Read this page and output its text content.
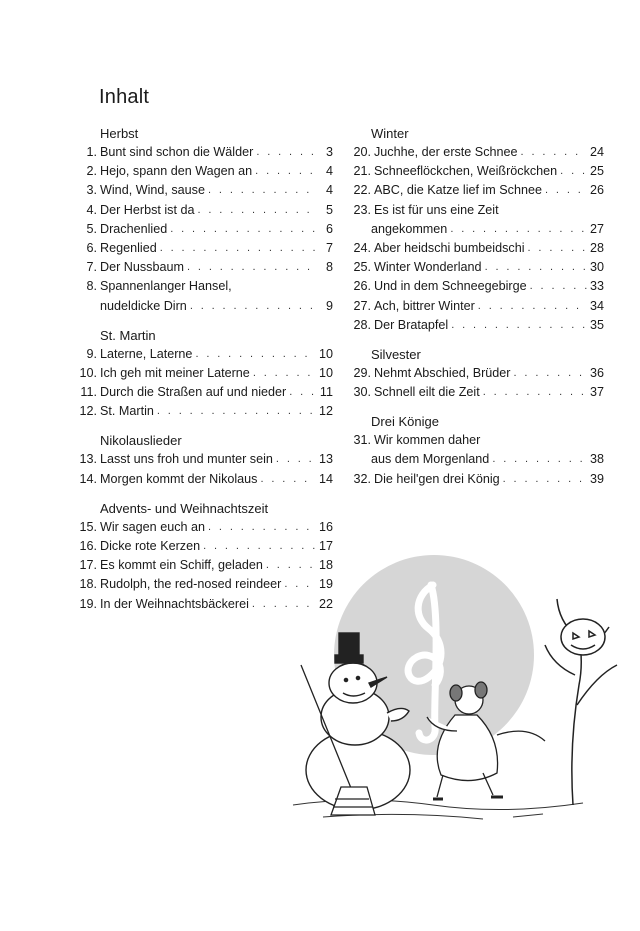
Inhalt
Herbst
1. Bunt sind schon die Wälder . . .	3
2. Hejo, spann den Wagen an . . .	4
3. Wind, Wind, sause . . .	4
4. Der Herbst ist da . . .	5
5. Drachenlied . . .	6
6. Regenlied . . .	7
7. Der Nussbaum . . .	8
8. Spannenlanger Hansel,
nudeldicke Dirn . . .	9
St. Martin
9. Laterne, Laterne . . .	10
10. Ich geh mit meiner Laterne . . .	10
11. Durch die Straßen auf und nieder . . .	11
12. St. Martin . . .	12
Nikolauslieder
13. Lasst uns froh und munter sein . . .	13
14. Morgen kommt der Nikolaus . . .	14
Advents- und Weihnachtszeit
15. Wir sagen euch an . . .	16
16. Dicke rote Kerzen . . .	17
17. Es kommt ein Schiff, geladen . . .	18
18. Rudolph, the red-nosed reindeer . . .	19
19. In der Weihnachtsbäckerei . . .	22
Winter
20. Juchhe, der erste Schnee . . .	24
21. Schneeflöckchen, Weißröckchen . . .	25
22. ABC, die Katze lief im Schnee . . .	26
23. Es ist für uns eine Zeit
angekommen . . .	27
24. Aber heidschi bumbeidschi . . .	28
25. Winter Wonderland . . .	30
26. Und in dem Schneegebirge . . .	33
27. Ach, bittrer Winter . . .	34
28. Der Bratapfel . . .	35
Silvester
29. Nehmt Abschied, Brüder . . .	36
30. Schnell eilt die Zeit . . .	37
Drei Könige
31. Wir kommen daher
aus dem Morgenland . . .	38
32. Die heil'gen drei König . . .	39
